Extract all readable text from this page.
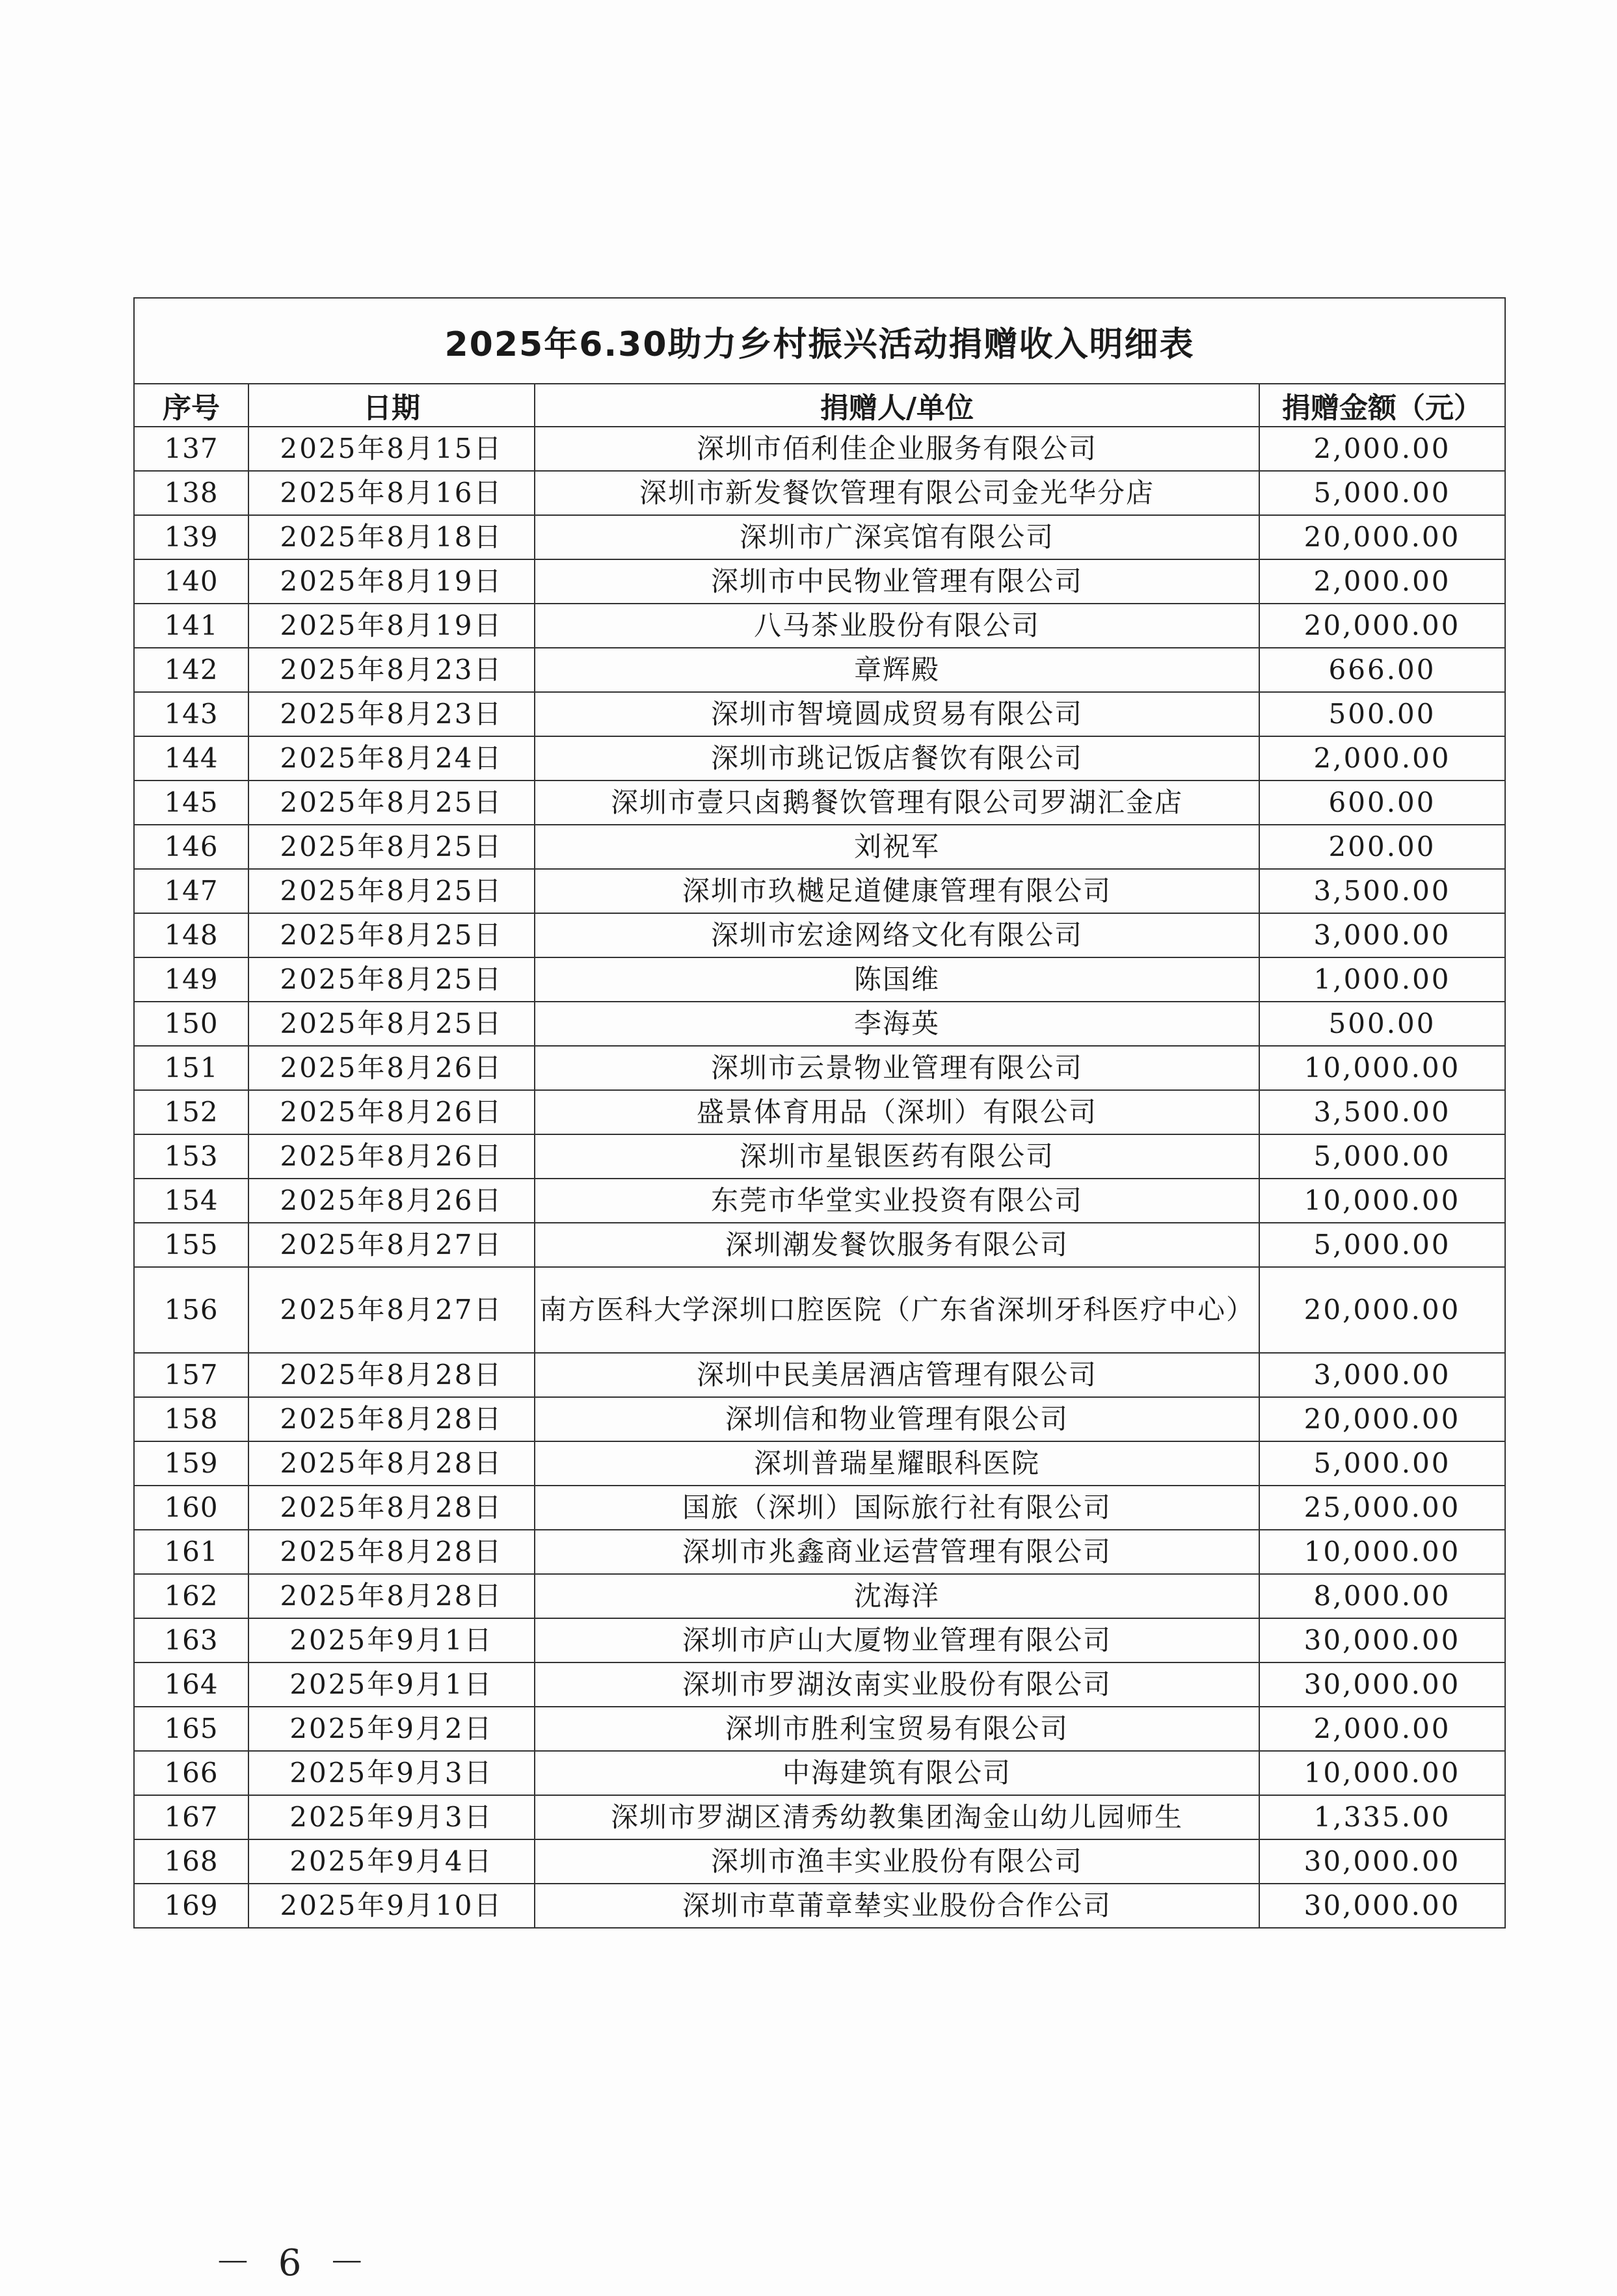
2025年6.30助力乡村振兴活动捐赠收入明细表			
序号	日期	捐赠人/单位	捐赠金额（元）
137	2025年8月15日	深圳市佰利佳企业服务有限公司	2,000.00
138	2025年8月16日	深圳市新发餐饮管理有限公司金光华分店	5,000.00
139	2025年8月18日	深圳市广深宾馆有限公司	20,000.00
140	2025年8月19日	深圳市中民物业管理有限公司	2,000.00
141	2025年8月19日	八马茶业股份有限公司	20,000.00
142	2025年8月23日	章辉殿	666.00
143	2025年8月23日	深圳市智境圆成贸易有限公司	500.00
144	2025年8月24日	深圳市珧记饭店餐饮有限公司	2,000.00
145	2025年8月25日	深圳市壹只卤鹅餐饮管理有限公司罗湖汇金店	600.00
146	2025年8月25日	刘祝军	200.00
147	2025年8月25日	深圳市玖樾足道健康管理有限公司	3,500.00
148	2025年8月25日	深圳市宏途网络文化有限公司	3,000.00
149	2025年8月25日	陈国维	1,000.00
150	2025年8月25日	李海英	500.00
151	2025年8月26日	深圳市云景物业管理有限公司	10,000.00
152	2025年8月26日	盛景体育用品（深圳）有限公司	3,500.00
153	2025年8月26日	深圳市星银医药有限公司	5,000.00
154	2025年8月26日	东莞市华堂实业投资有限公司	10,000.00
155	2025年8月27日	深圳潮发餐饮服务有限公司	5,000.00
156	2025年8月27日	南方医科大学深圳口腔医院（广东省深圳牙科医疗中心）	20,000.00
157	2025年8月28日	深圳中民美居酒店管理有限公司	3,000.00
158	2025年8月28日	深圳信和物业管理有限公司	20,000.00
159	2025年8月28日	深圳普瑞星耀眼科医院	5,000.00
160	2025年8月28日	国旅（深圳）国际旅行社有限公司	25,000.00
161	2025年8月28日	深圳市兆鑫商业运营管理有限公司	10,000.00
162	2025年8月28日	沈海洋	8,000.00
163	2025年9月1日	深圳市庐山大厦物业管理有限公司	30,000.00
164	2025年9月1日	深圳市罗湖汝南实业股份有限公司	30,000.00
165	2025年9月2日	深圳市胜利宝贸易有限公司	2,000.00
166	2025年9月3日	中海建筑有限公司	10,000.00
167	2025年9月3日	深圳市罗湖区清秀幼教集团淘金山幼儿园师生	1,335.00
168	2025年9月4日	深圳市渔丰实业股份有限公司	30,000.00
169	2025年9月10日	深圳市草莆章辇实业股份合作公司	30,000.00
－ 6 －
